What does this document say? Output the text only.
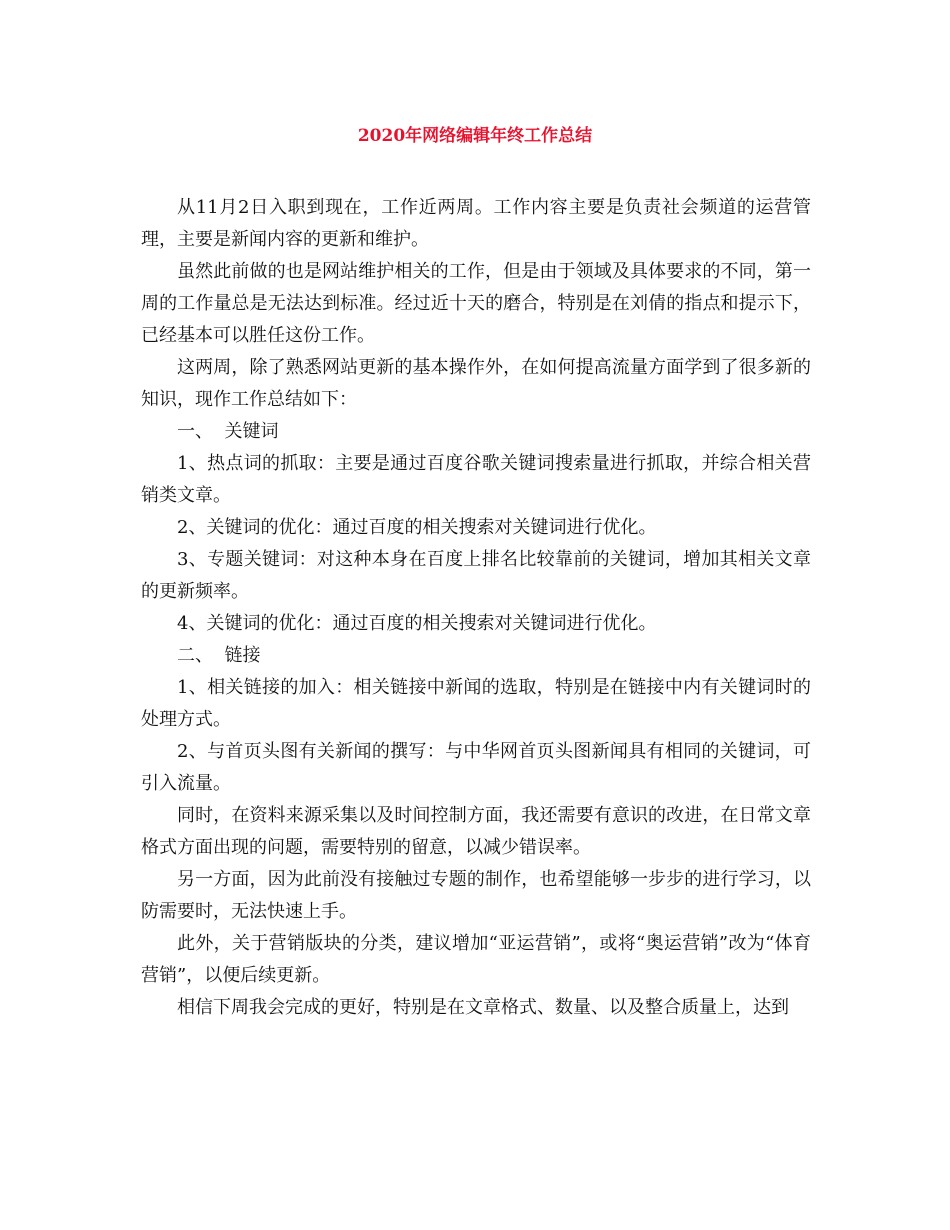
2020年网络编辑年终工作总结

从11月2日入职到现在，工作近两周。工作内容主要是负责社会频道的运营管理，主要是新闻内容的更新和维护。

虽然此前做的也是网站维护相关的工作，但是由于领域及具体要求的不同，第一周的工作量总是无法达到标准。经过近十天的磨合，特别是在刘倩的指点和提示下，已经基本可以胜任这份工作。

这两周，除了熟悉网站更新的基本操作外，在如何提高流量方面学到了很多新的知识，现作工作总结如下：

一、  关键词

1、热点词的抓取：主要是通过百度谷歌关键词搜索量进行抓取，并综合相关营销类文章。

2、关键词的优化：通过百度的相关搜索对关键词进行优化。

3、专题关键词：对这种本身在百度上排名比较靠前的关键词，增加其相关文章的更新频率。

4、关键词的优化：通过百度的相关搜索对关键词进行优化。

二、  链接

1、相关链接的加入：相关链接中新闻的选取，特别是在链接中内有关键词时的处理方式。

2、与首页头图有关新闻的撰写：与中华网首页头图新闻具有相同的关键词，可引入流量。

同时，在资料来源采集以及时间控制方面，我还需要有意识的改进，在日常文章格式方面出现的问题，需要特别的留意，以减少错误率。

另一方面，因为此前没有接触过专题的制作，也希望能够一步步的进行学习，以防需要时，无法快速上手。

此外，关于营销版块的分类，建议增加“亚运营销”，或将“奥运营销”改为“体育营销”，以便后续更新。

相信下周我会完成的更好，特别是在文章格式、数量、以及整合质量上，达到
